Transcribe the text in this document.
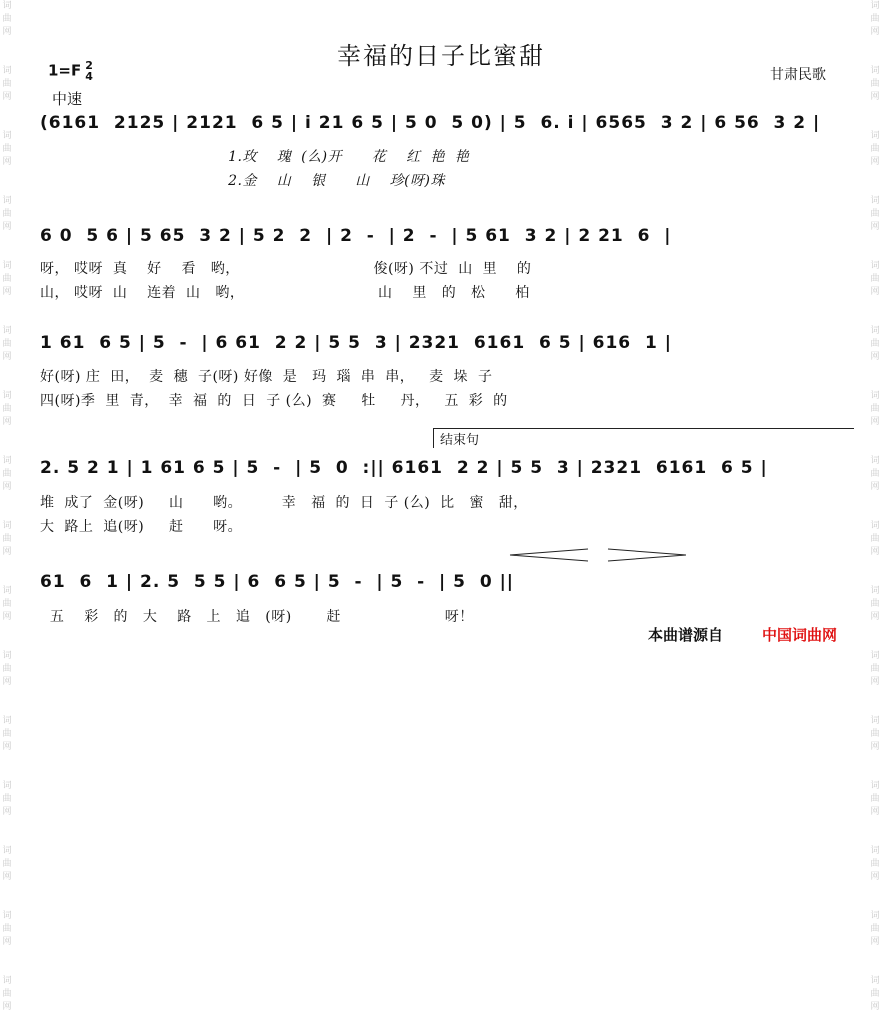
词
曲
网

词
曲
网

词
曲
网

词
曲
网

词
曲
网

词
曲
网

词
曲
网

词
曲
网

词
曲
网

词
曲
网

词
曲
网

词
曲
网

词
曲
网

词
曲
网

词
曲
网

词
曲
网

词
曲
网

词
曲
网

词
曲
网

词
曲
网

词
曲
网

词
曲
网

词
曲
网

词
曲
网

词
曲
网

词
曲
网

词
曲
网

词
曲
网

词
曲
网

词
曲
网

词
曲
网

词
曲
网

幸福的日子比蜜甜
1=F 2
4
中速
甘肃民歌
(6161  2125 | 2121  6 5 | i 21 6 5 | 5 0  5 0) | 5  6. i | 6565  3 2 | 6 56  3 2 |
1.玫    瑰  (么)开      花    红  艳  艳
2.金    山    银      山    珍(呀)珠
6 0  5 6 | 5 65  3 2 | 5 2  2  | 2  -  | 2  -  | 5 61  3 2 | 2 21  6  |
呀， 哎呀  真    好    看   哟，                           俊(呀) 不过  山  里    的
山， 哎呀  山    连着  山   哟，                           山    里   的   松      柏
1 61  6 5 | 5  -  | 6 61  2 2 | 5 5  3 | 2321  6161  6 5 | 616  1 |
好(呀) 庄  田，  麦  穗  子(呀) 好像  是   玛  瑙  串  串，   麦  垛  子
四(呀)季  里  青，  幸  福  的  日  子 (么)  赛     牡     丹，   五  彩  的
结束句
2. 5 2 1 | 1 61 6 5 | 5  -  | 5  0  :|| 6161  2 2 | 5 5  3 | 2321  6161  6 5 |
堆  成了  金(呀)     山      哟。        幸   福  的  日  子 (么)  比   蜜   甜，
大  路上  追(呀)     赶      呀。
61  6  1 | 2. 5  5 5 | 6  6 5 | 5  -  | 5  -  | 5  0 ||
五    彩   的   大    路   上   追   (呀)       赶                     呀！
本曲谱源自	中国词曲网
